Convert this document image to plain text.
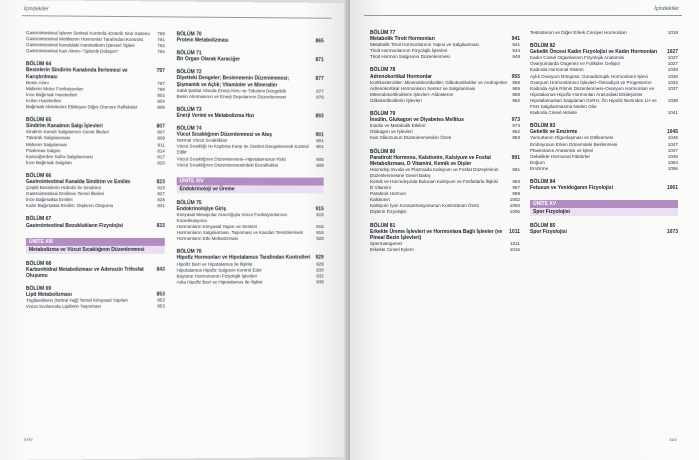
İçindekiler
Gastrointestinal İşlevin Sinirsel Kontrolü–Enterik Sinir Sistemi	789
Gastrointestinal Motilitenin Hormonlar Tarafından Kontrolü	791
Gastrointestinal Kanaldaki Hareketlerin İşlevsel Tipleri	792
Gastrointestinal Kan Akımı–"Splenik Dolaşım"	794
BÖLÜM 64
Besinlerin Sindirim Kanalında İlerlemesi ve Karıştırılması
797
Besin Alımı	797
Midenin Motor Fonksiyonları	799
İnce Bağırsak Hareketleri	802
Kolon Hareketleri	804
Bağırsak Aktivitesini Etkileyen Diğer Otonom Refleksler	806
BÖLÜM 65
Sindirim Kanalının Salgı İşlevleri	807
Sindirim Kanalı Salgılarının Genel İlkeleri	807
Tükürük Salgılanması	809
Midenin Salgılaması	811
Pankreas Salgısı	814
Karaciğerden Safra Salgılanması	817
İnce Bağırsak Salgıları	820
BÖLÜM 66
Gastrointestinal Kanalda Sindirim ve Emilim	823
Çeşitli Besinlerin Hidroliz ile Sindirimi	823
Gastrointestinal Emilimin Temel İlkeleri	827
İnce Bağırsakta Emilim	828
Kalın Bağırsakta Emilim: Dışkının Oluşumu	831
BÖLÜM 67
Gastrointestinal Bozuklukların Fizyolojisi	833
ÜNİTE XIII
Metabolizma ve Vücut Sıcaklığının Düzenlenmesi
BÖLÜM 68
Karbonhidrat Metabolizması ve Adenozin Trifosfat Oluşumu
843
BÖLÜM 69
Lipit Metabolizması	853
Trigliseritlerin (Nötral Yağ) Temel Kimyasal Yapıları	853
Vücut Sıvılarında Lipitlerin Taşınması	853
BÖLÜM 70
Protein Metabolizması	865
BÖLÜM 71
Bir Organ Olarak Karaciğer	871
BÖLÜM 72
Diyetteki Dengeler; Beslenmenin Düzenlenmesi; Şişmanlık ve Açlık; Vitaminler ve Mineraller
877
Sabit Şartlar Altında Enerji Alımı ve Tüketimi Dengelidir	877
Besin Alınmasının ve Enerji Depolarının Düzenlenmesi	879
BÖLÜM 73
Enerji Verimi ve Metabolizma Hızı	893
BÖLÜM 74
Vücut Sıcaklığının Düzenlenmesi ve Ateş	901
Normal Vücut Sıcaklıkları	901
Vücut Sıcaklığı Isı Kaybına Karşı Isı Üretimi Dengelenerek Kontrol Edilir
901
Vücut Sıcaklığının Düzenlenmesi–Hipotalamusun Rolü	905
Vücut Sıcaklığının Düzenlenmesindeki Bozukluklar	909
ÜNİTE XIV
Endokrinoloji ve Üreme
BÖLÜM 75
Endokrinolojiye Giriş	915
Kimyasal Mesajcılar Aracılığıyla Vücut Fonksiyonlarının Koordinasyonu
915
Hormonların Kimyasal Yapısı ve Sentezi	915
Hormonların Salgılanması, Taşınması ve Kandan Temizlenmesi	918
Hormonların Etki Mekanizması	920
BÖLÜM 76
Hipofiz Hormonları ve Hipotalamus Tarafından Kontrolleri	929
Hipofiz Bezi ve Hipotalamus ile İlişkisi	929
Hipotalamus Hipofiz Salgısını Kontrol Eder	930
Büyüme Hormonunun Fizyolojik İşlevleri	932
Arka Hipofiz Bezi ve Hipotalamus ile İlişkisi	939
xxiv
İçindekiler
BÖLÜM 77
Metabolik Tiroit Hormonları	941
Metabolik Tiroit Hormonlarının Yapısı ve Salgılanması	941
Tiroit Hormonlarının Fizyolojik İşlevleri	944
Tiroit Hormon Salgısının Düzenlenmesi	948
BÖLÜM 78
Adrenokortikal Hormonlar	955
Kortikosteroitler: Mineralokortikoitler, Glikokortikoitler ve Androjenler	955
Adrenokortikal Hormonların Sentez ve Salgılanması	955
Mineralokortikoitlerin İşlevleri–Aldosteron	958
Glikokortikoitlerin İşlevleri	962
BÖLÜM 79
İnsülin, Glukagon ve Diyabetes Mellitus	973
İnsülin ve Metabolik Etkileri	973
Glukagon ve İşlevleri	982
Kan Glikozunun Düzenlenmesinin Özeti	983
BÖLÜM 80
Paratiroit Hormonu, Kalsitonin, Kalsiyum ve Fosfat Metabolizması, D Vitamini, Kemik ve Dişler
991
Hücredışı Sıvıda ve Plazmada Kalsiyum ve Fosfat Düzeylerinin Düzenlenmesine Genel Bakış
991
Kemik ve Hücredışında Bulunan Kalsiyum ve Fosfatlarla İlişkisi	993
D Vitamini	997
Paratiroit Hormon	999
Kalsitonin	1002
Kalsiyum İyon Konsantrasyonunun Kontrolünün Özeti	1003
Dişlerin Fizyolojisi	1006
BÖLÜM 81
Erkekte Üreme İşlevleri ve Hormonlara Bağlı İşlevler (ve Pineal Bezin İşlevleri)
1011
Spermatogenez	1011
Erkekte Cinsel Eylem	1016
Testosteron ve Diğer Erkek Cinsiyet Hormonları	1018
BÖLÜM 82
Gebelik Öncesi Kadın Fizyolojisi ve Kadın Hormonları	1027
Kadın Cinsel Organlarının Fizyolojik Anatomisi	1027
Ovaryumlarda Oogenez ve Foliküler Gelişim	1027
Kadında Hormonal Sistem	1028
Aylık Ovaryum Döngüsü; Gonadotropik Hormonların İşlevi	1028
Ovaryum Hormonlarının İşlevleri–Östradiyol ve Progesteron	1032
Kadında Aylık Ritmin Düzenlenmesi–Ovaryum Hormonları ve Hipotalamus-Hipofiz Hormonları Arasındaki Etkileşimler
1037
Hipotalamustan Salgılanan GnRH, Ön Hipofiz Bezinden LH ve FSH Salgılanmasına Neden Olur
1038
Kadında Cinsel Aktivite	1041
BÖLÜM 83
Gebelik ve Emzirme	1045
Yumurtanın Olgunlaşması ve Döllenmesi	1045
Embriyonun Erken Dönemdeki Beslenmesi	1047
Plasentanın Anatomisi ve İşlevi	1047
Gebelikte Hormonal Faktörler	1049
Doğum	1054
Emzirme	1056
BÖLÜM 84
Fetusun ve Yenidoğanın Fizyolojisi	1061
ÜNİTE XV
Spor Fizyolojisi
BÖLÜM 85
Spor Fizyolojisi	1073
xxv
